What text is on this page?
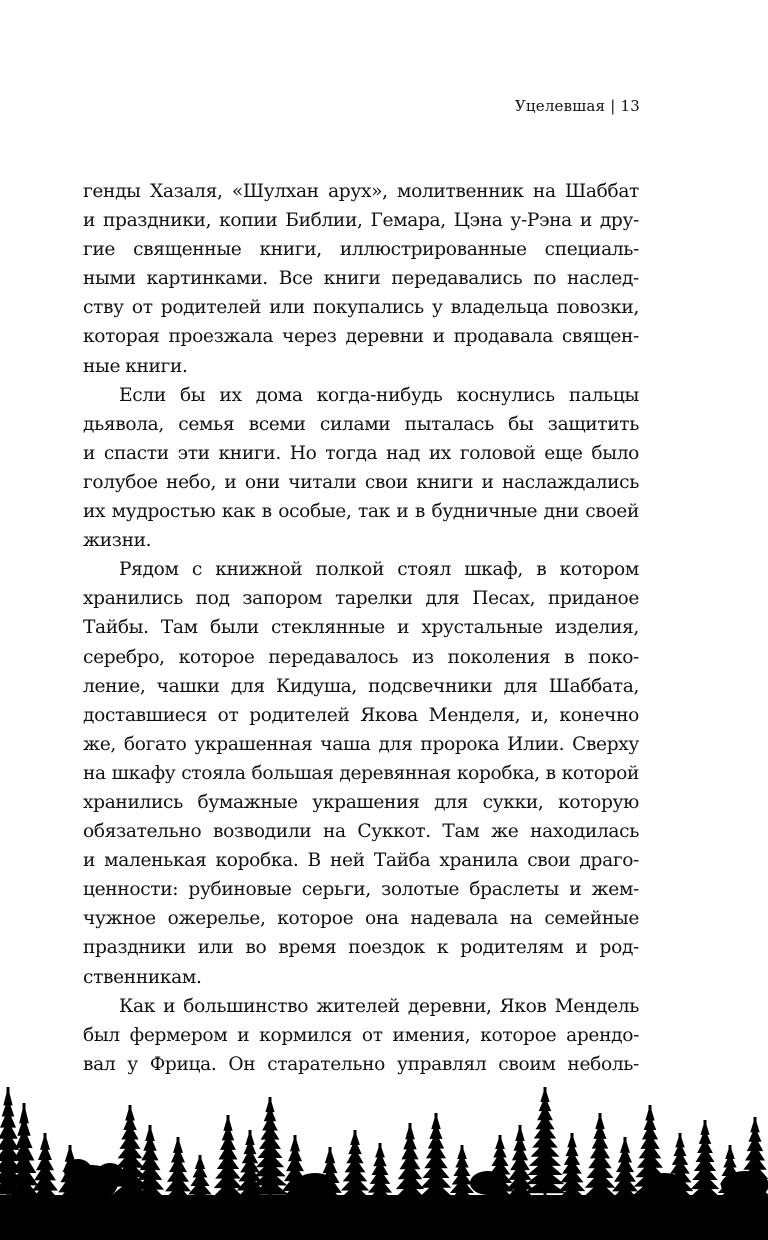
Уцелевшая | 13
генды Хазаля, «Шулхан арух», молитвенник на Шаббат
и праздники, копии Библии, Гемара, Цэна у-Рэна и дру-
гие священные книги, иллюстрированные специаль-
ными картинками. Все книги передавались по наслед-
ству от родителей или покупались у владельца повозки,
которая проезжала через деревни и продавала священ-
ные книги.
Если бы их дома когда-нибудь коснулись пальцы
дьявола, семья всеми силами пыталась бы защитить
и спасти эти книги. Но тогда над их головой еще было
голубое небо, и они читали свои книги и наслаждались
их мудростью как в особые, так и в будничные дни своей
жизни.
Рядом с книжной полкой стоял шкаф, в котором
хранились под запором тарелки для Песах, приданое
Тайбы. Там были стеклянные и хрустальные изделия,
серебро, которое передавалось из поколения в поко-
ление, чашки для Кидуша, подсвечники для Шаббата,
доставшиеся от родителей Якова Менделя, и, конечно
же, богато украшенная чаша для пророка Илии. Сверху
на шкафу стояла большая деревянная коробка, в которой
хранились бумажные украшения для сукки, которую
обязательно возводили на Суккот. Там же находилась
и маленькая коробка. В ней Тайба хранила свои драго-
ценности: рубиновые серьги, золотые браслеты и жем-
чужное ожерелье, которое она надевала на семейные
праздники или во время поездок к родителям и род-
ственникам.
Как и большинство жителей деревни, Яков Мендель
был фермером и кормился от имения, которое арендо-
вал у Фрица. Он старательно управлял своим неболь-
